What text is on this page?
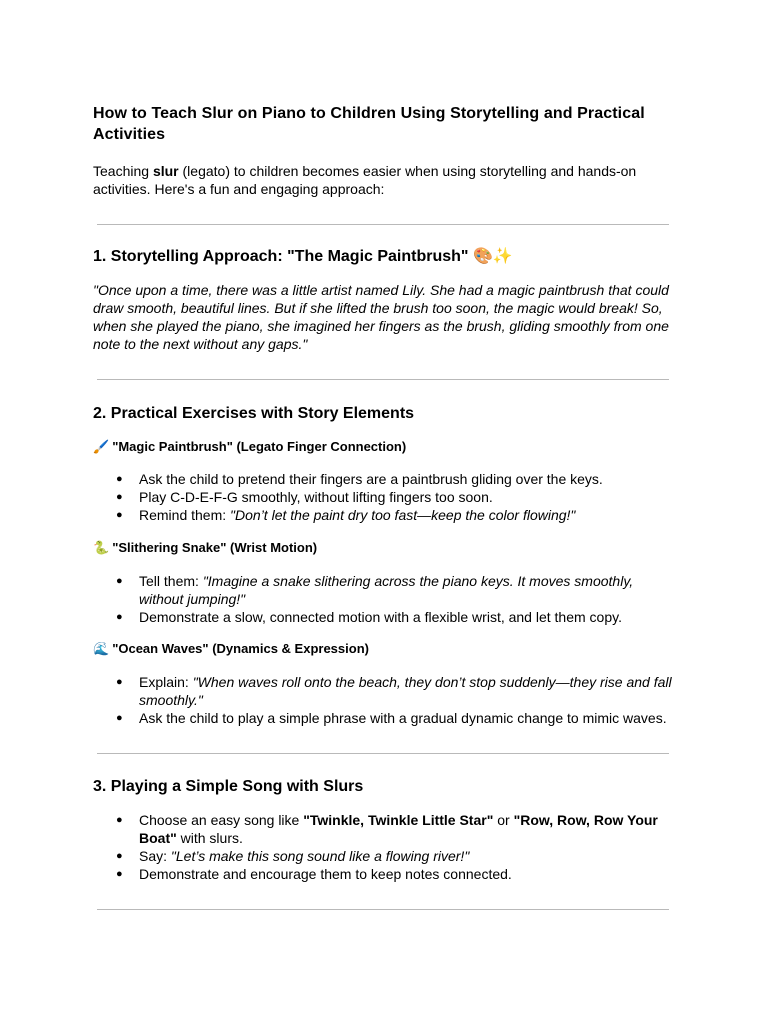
How to Teach Slur on Piano to Children Using Storytelling and Practical Activities

Teaching slur (legato) to children becomes easier when using storytelling and hands-on activities. Here's a fun and engaging approach:

1. Storytelling Approach: "The Magic Paintbrush" 🎨✨

"Once upon a time, there was a little artist named Lily. She had a magic paintbrush that could draw smooth, beautiful lines. But if she lifted the brush too soon, the magic would break! So, when she played the piano, she imagined her fingers as the brush, gliding smoothly from one note to the next without any gaps."

2. Practical Exercises with Story Elements
🖌️ "Magic Paintbrush" (Legato Finger Connection)
● Ask the child to pretend their fingers are a paintbrush gliding over the keys.
● Play C-D-E-F-G smoothly, without lifting fingers too soon.
● Remind them: "Don’t let the paint dry too fast—keep the color flowing!"
🐍 "Slithering Snake" (Wrist Motion)
● Tell them: "Imagine a snake slithering across the piano keys. It moves smoothly, without jumping!"
● Demonstrate a slow, connected motion with a flexible wrist, and let them copy.
🌊 "Ocean Waves" (Dynamics & Expression)
● Explain: "When waves roll onto the beach, they don’t stop suddenly—they rise and fall smoothly."
● Ask the child to play a simple phrase with a gradual dynamic change to mimic waves.
3. Playing a Simple Song with Slurs
● Choose an easy song like "Twinkle, Twinkle Little Star" or "Row, Row, Row Your Boat" with slurs.
● Say: "Let’s make this song sound like a flowing river!"
● Demonstrate and encourage them to keep notes connected.
